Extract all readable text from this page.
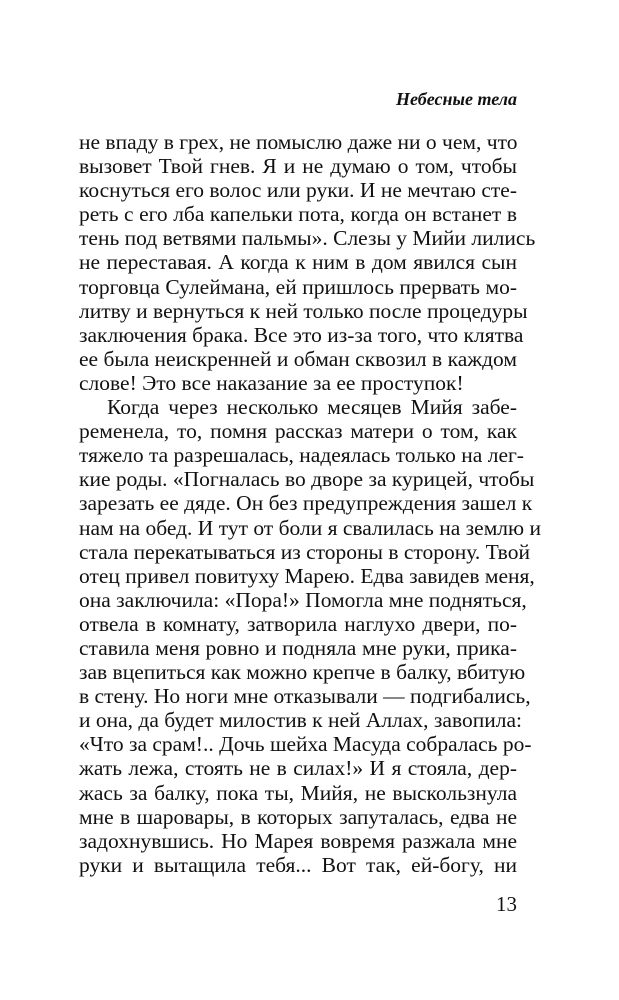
Небесные тела
не впаду в грех, не помыслю даже ни о чем, что
вызовет Твой гнев. Я и не думаю о том, чтобы
коснуться его волос или руки. И не мечтаю сте-
реть с его лба капельки пота, когда он встанет в
тень под ветвями пальмы». Слезы у Мийи лились
не переставая. А когда к ним в дом явился сын
торговца Сулеймана, ей пришлось прервать мо-
литву и вернуться к ней только после процедуры
заключения брака. Все это из-за того, что клятва
ее была неискренней и обман сквозил в каждом
слове! Это все наказание за ее проступок!
Когда через несколько месяцев Мийя забе-
ременела, то, помня рассказ матери о том, как
тяжело та разрешалась, надеялась только на лег-
кие роды. «Погналась во дворе за курицей, чтобы
зарезать ее дяде. Он без предупреждения зашел к
нам на обед. И тут от боли я свалилась на землю и
стала перекатываться из стороны в сторону. Твой
отец привел повитуху Марею. Едва завидев меня,
она заключила: «Пора!» Помогла мне подняться,
отвела в комнату, затворила наглухо двери, по-
ставила меня ровно и подняла мне руки, прика-
зав вцепиться как можно крепче в балку, вбитую
в стену. Но ноги мне отказывали — подгибались,
и она, да будет милостив к ней Аллах, завопила:
«Что за срам!.. Дочь шейха Масуда собралась ро-
жать лежа, стоять не в силах!» И я стояла, дер-
жась за балку, пока ты, Мийя, не выскользнула
мне в шаровары, в которых запуталась, едва не
задохнувшись. Но Марея вовремя разжала мне
руки и вытащила тебя... Вот так, ей-богу, ни
13
